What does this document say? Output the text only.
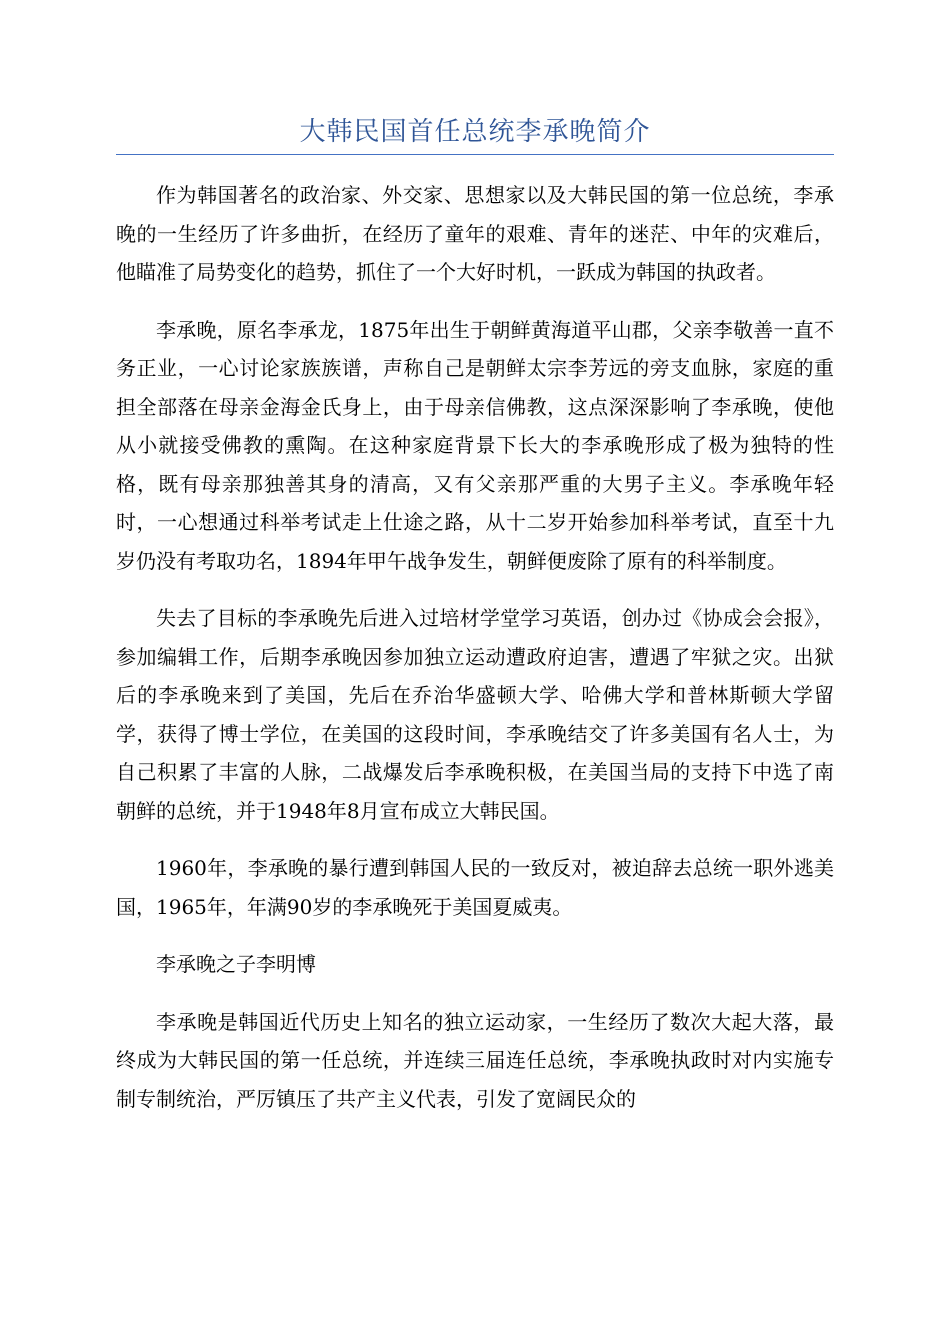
大韩民国首任总统李承晚简介

作为韩国著名的政治家、外交家、思想家以及大韩民国的第一位总统，李承晚的一生经历了许多曲折，在经历了童年的艰难、青年的迷茫、中年的灾难后，他瞄准了局势变化的趋势，抓住了一个大好时机，一跃成为韩国的执政者。

李承晚，原名李承龙，1875年出生于朝鲜黄海道平山郡，父亲李敬善一直不务正业，一心讨论家族族谱，声称自己是朝鲜太宗李芳远的旁支血脉，家庭的重担全部落在母亲金海金氏身上，由于母亲信佛教，这点深深影响了李承晚，使他从小就接受佛教的熏陶。在这种家庭背景下长大的李承晚形成了极为独特的性格，既有母亲那独善其身的清高，又有父亲那严重的大男子主义。李承晚年轻时，一心想通过科举考试走上仕途之路，从十二岁开始参加科举考试，直至十九岁仍没有考取功名，1894年甲午战争发生，朝鲜便废除了原有的科举制度。

失去了目标的李承晚先后进入过培材学堂学习英语，创办过《协成会会报》，参加编辑工作，后期李承晚因参加独立运动遭政府迫害，遭遇了牢狱之灾。出狱后的李承晚来到了美国，先后在乔治华盛顿大学、哈佛大学和普林斯顿大学留学，获得了博士学位，在美国的这段时间，李承晚结交了许多美国有名人士，为自己积累了丰富的人脉，二战爆发后李承晚积极，在美国当局的支持下中选了南朝鲜的总统，并于1948年8月宣布成立大韩民国。

1960年，李承晚的暴行遭到韩国人民的一致反对，被迫辞去总统一职外逃美国，1965年，年满90岁的李承晚死于美国夏威夷。

李承晚之子李明博

李承晚是韩国近代历史上知名的独立运动家，一生经历了数次大起大落，最终成为大韩民国的第一任总统，并连续三届连任总统，李承晚执政时对内实施专制专制统治，严厉镇压了共产主义代表，引发了宽阔民众的
